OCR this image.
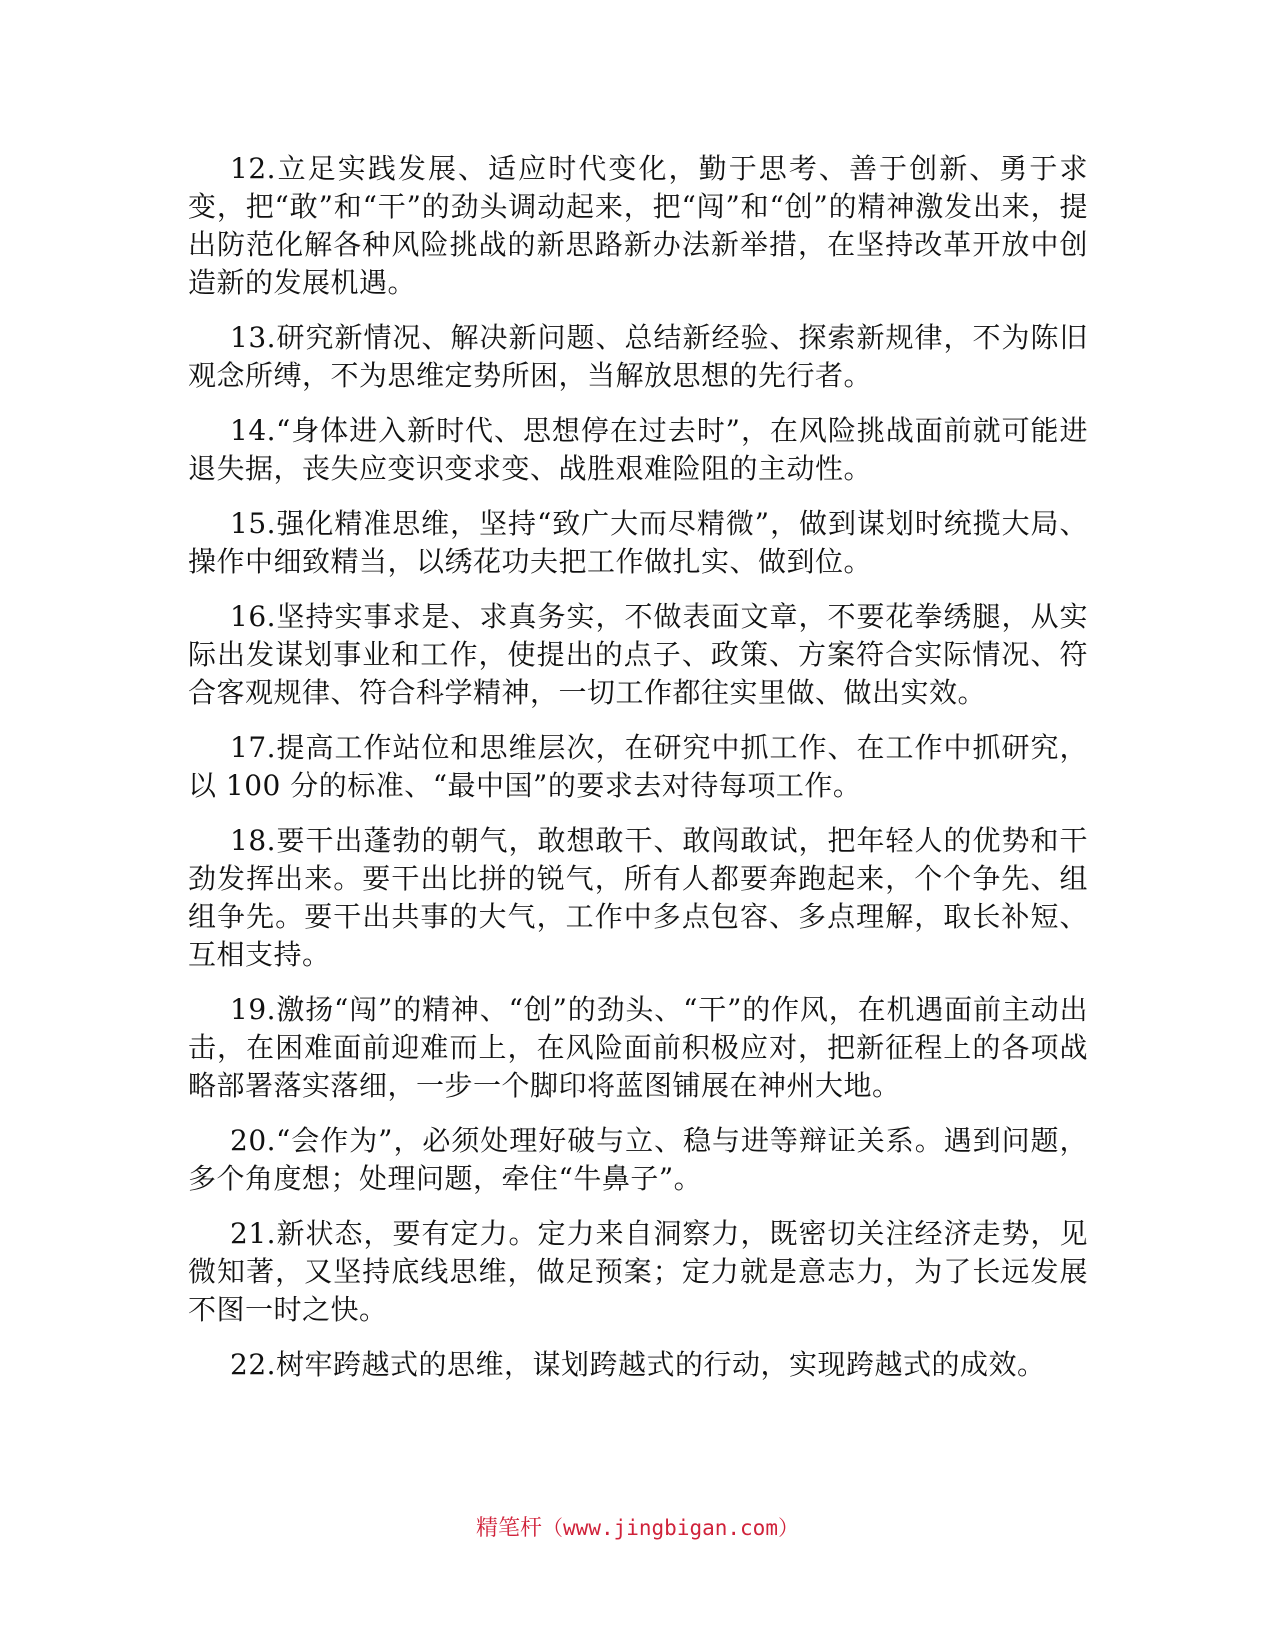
12.立足实践发展、适应时代变化，勤于思考、善于创新、勇于求变，把“敢”和“干”的劲头调动起来，把“闯”和“创”的精神激发出来，提出防范化解各种风险挑战的新思路新办法新举措，在坚持改革开放中创造新的发展机遇。

13.研究新情况、解决新问题、总结新经验、探索新规律，不为陈旧观念所缚，不为思维定势所困，当解放思想的先行者。

14.“身体进入新时代、思想停在过去时”，在风险挑战面前就可能进退失据，丧失应变识变求变、战胜艰难险阻的主动性。

15.强化精准思维，坚持“致广大而尽精微”，做到谋划时统揽大局、操作中细致精当，以绣花功夫把工作做扎实、做到位。

16.坚持实事求是、求真务实，不做表面文章，不要花拳绣腿，从实际出发谋划事业和工作，使提出的点子、政策、方案符合实际情况、符合客观规律、符合科学精神，一切工作都往实里做、做出实效。

17.提高工作站位和思维层次，在研究中抓工作、在工作中抓研究，以 100 分的标准、“最中国”的要求去对待每项工作。

18.要干出蓬勃的朝气，敢想敢干、敢闯敢试，把年轻人的优势和干劲发挥出来。要干出比拼的锐气，所有人都要奔跑起来，个个争先、组组争先。要干出共事的大气，工作中多点包容、多点理解，取长补短、互相支持。

19.激扬“闯”的精神、“创”的劲头、“干”的作风，在机遇面前主动出击，在困难面前迎难而上，在风险面前积极应对，把新征程上的各项战略部署落实落细，一步一个脚印将蓝图铺展在神州大地。

20.“会作为”，必须处理好破与立、稳与进等辩证关系。遇到问题，多个角度想；处理问题，牵住“牛鼻子”。

21.新状态，要有定力。定力来自洞察力，既密切关注经济走势，见微知著，又坚持底线思维，做足预案；定力就是意志力，为了长远发展不图一时之快。

22.树牢跨越式的思维，谋划跨越式的行动，实现跨越式的成效。

精笔杆（www.jingbigan.com）
